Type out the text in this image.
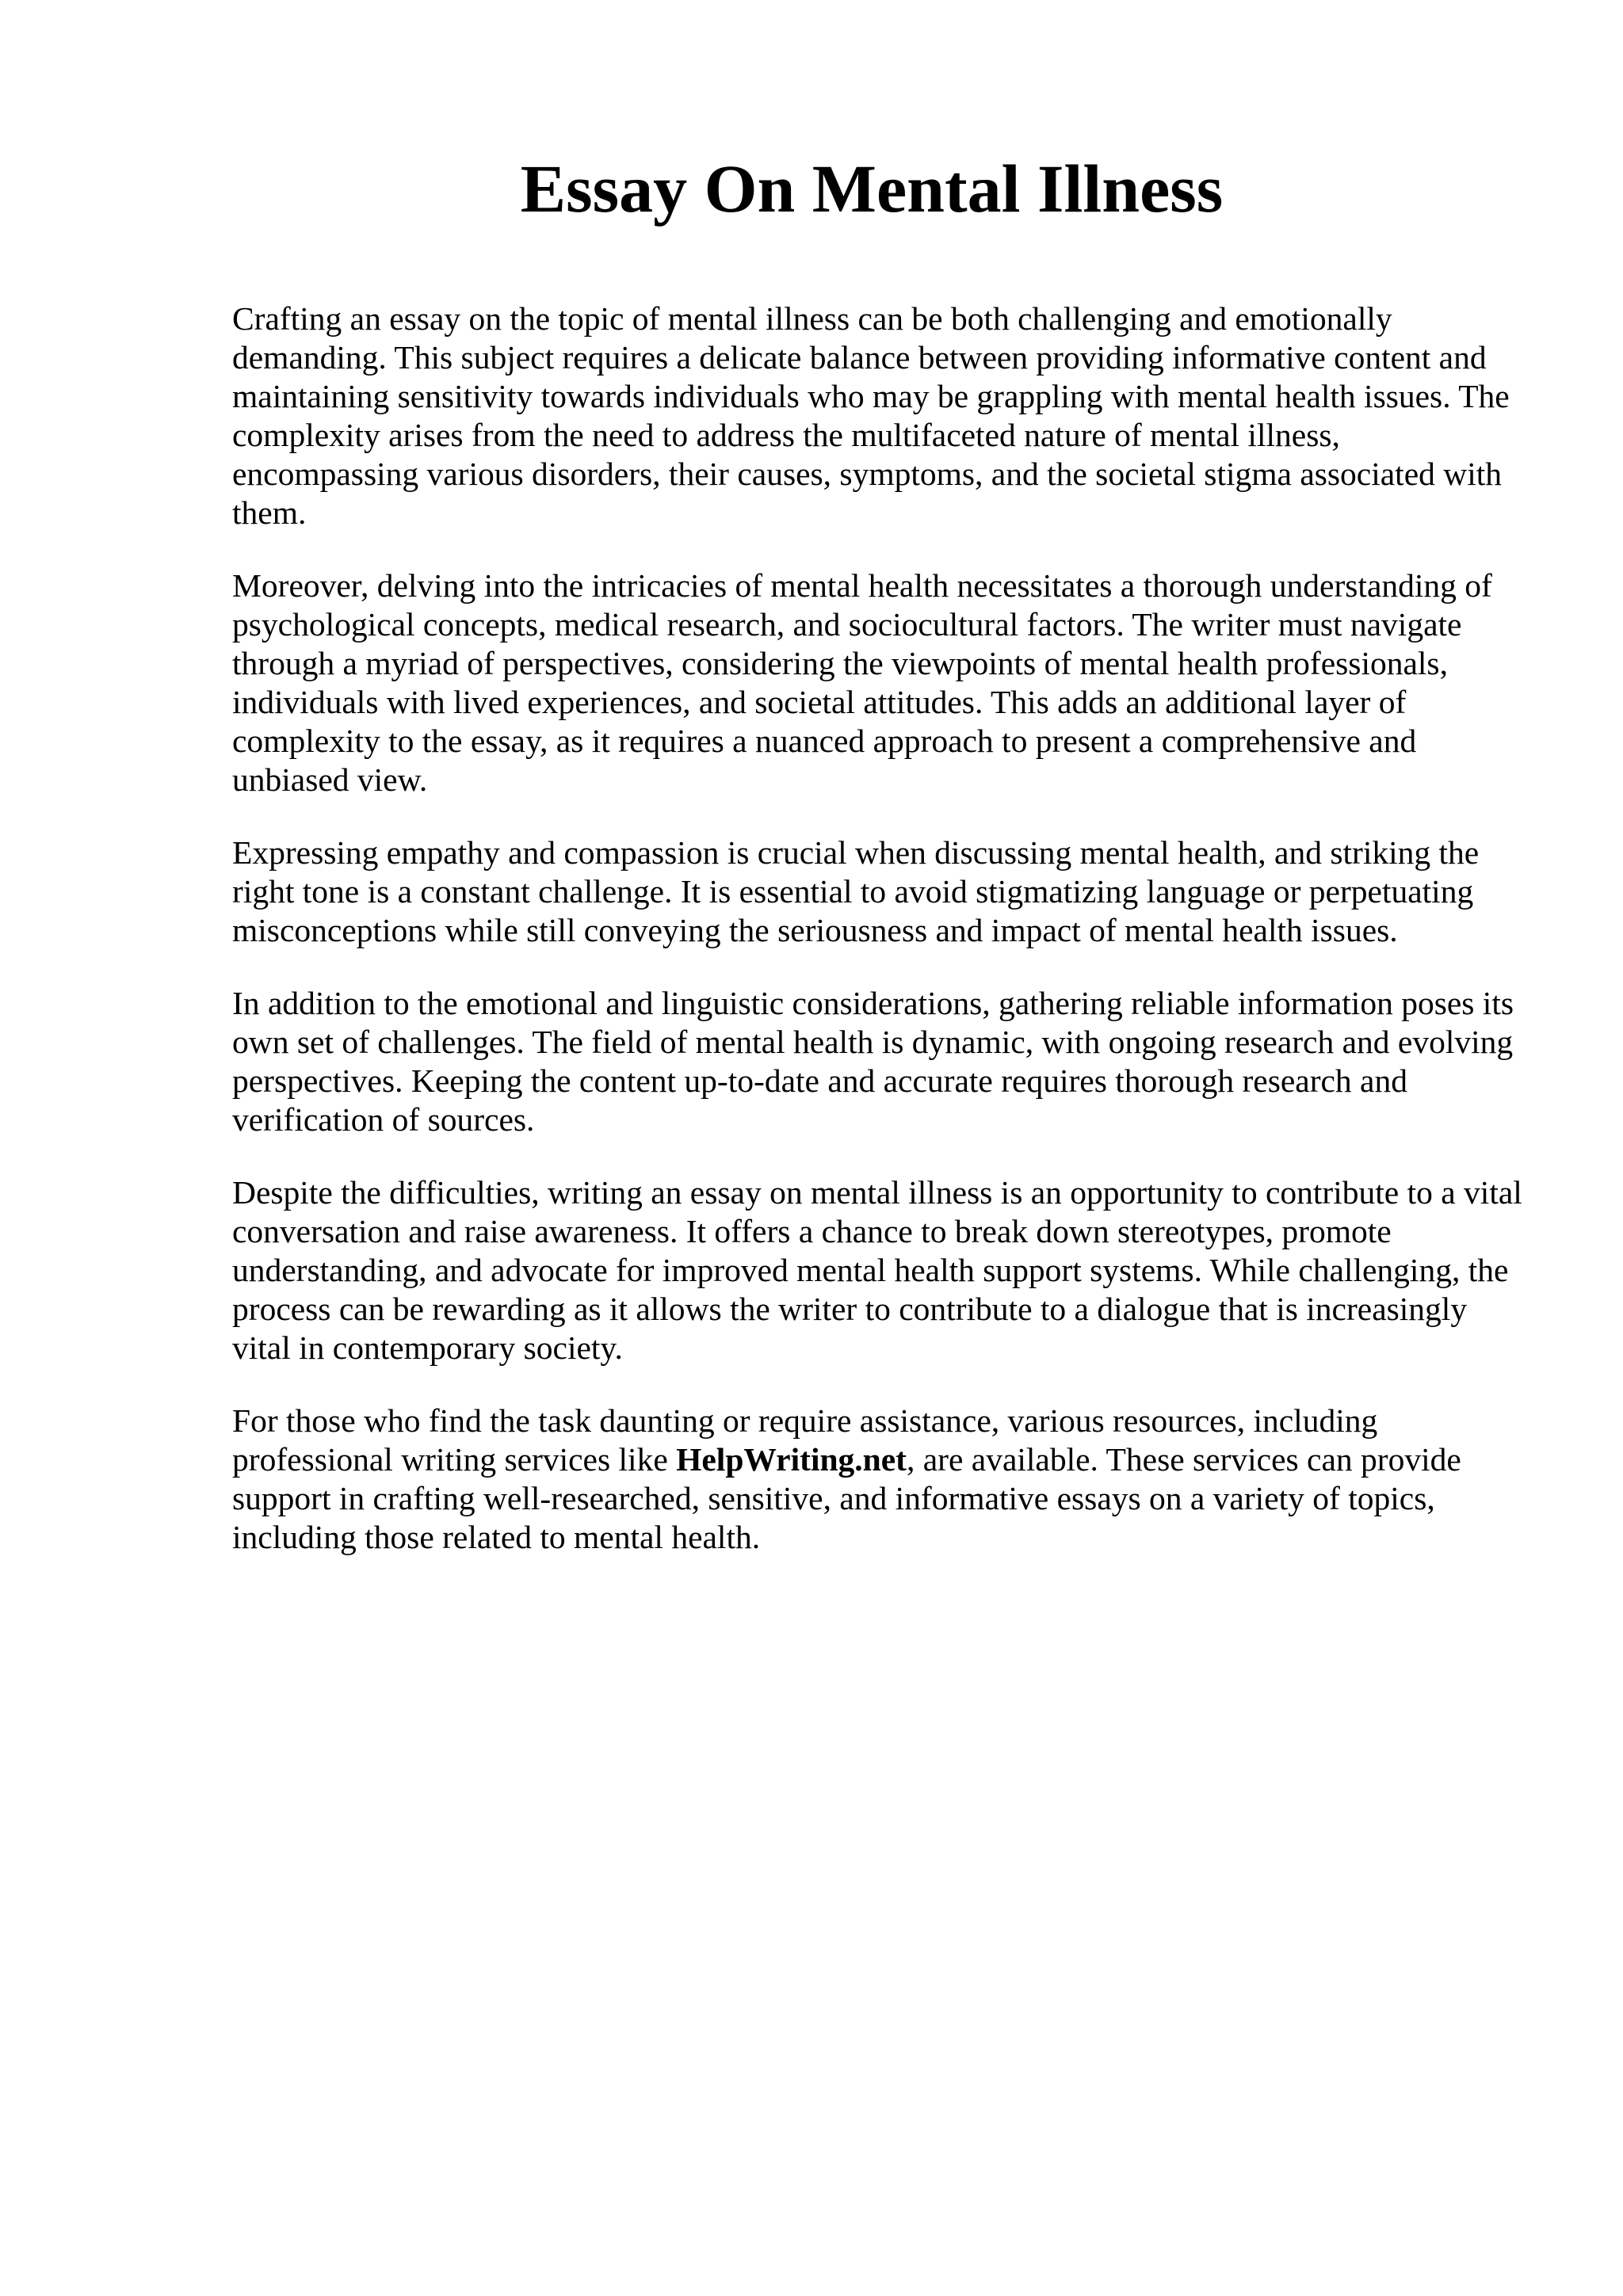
Essay On Mental Illness

Crafting an essay on the topic of mental illness can be both challenging and emotionally demanding. This subject requires a delicate balance between providing informative content and maintaining sensitivity towards individuals who may be grappling with mental health issues. The complexity arises from the need to address the multifaceted nature of mental illness, encompassing various disorders, their causes, symptoms, and the societal stigma associated with them.

Moreover, delving into the intricacies of mental health necessitates a thorough understanding of psychological concepts, medical research, and sociocultural factors. The writer must navigate through a myriad of perspectives, considering the viewpoints of mental health professionals, individuals with lived experiences, and societal attitudes. This adds an additional layer of complexity to the essay, as it requires a nuanced approach to present a comprehensive and unbiased view.

Expressing empathy and compassion is crucial when discussing mental health, and striking the right tone is a constant challenge. It is essential to avoid stigmatizing language or perpetuating misconceptions while still conveying the seriousness and impact of mental health issues.

In addition to the emotional and linguistic considerations, gathering reliable information poses its own set of challenges. The field of mental health is dynamic, with ongoing research and evolving perspectives. Keeping the content up-to-date and accurate requires thorough research and verification of sources.

Despite the difficulties, writing an essay on mental illness is an opportunity to contribute to a vital conversation and raise awareness. It offers a chance to break down stereotypes, promote understanding, and advocate for improved mental health support systems. While challenging, the process can be rewarding as it allows the writer to contribute to a dialogue that is increasingly vital in contemporary society.

For those who find the task daunting or require assistance, various resources, including professional writing services like HelpWriting.net, are available. These services can provide support in crafting well-researched, sensitive, and informative essays on a variety of topics, including those related to mental health.
